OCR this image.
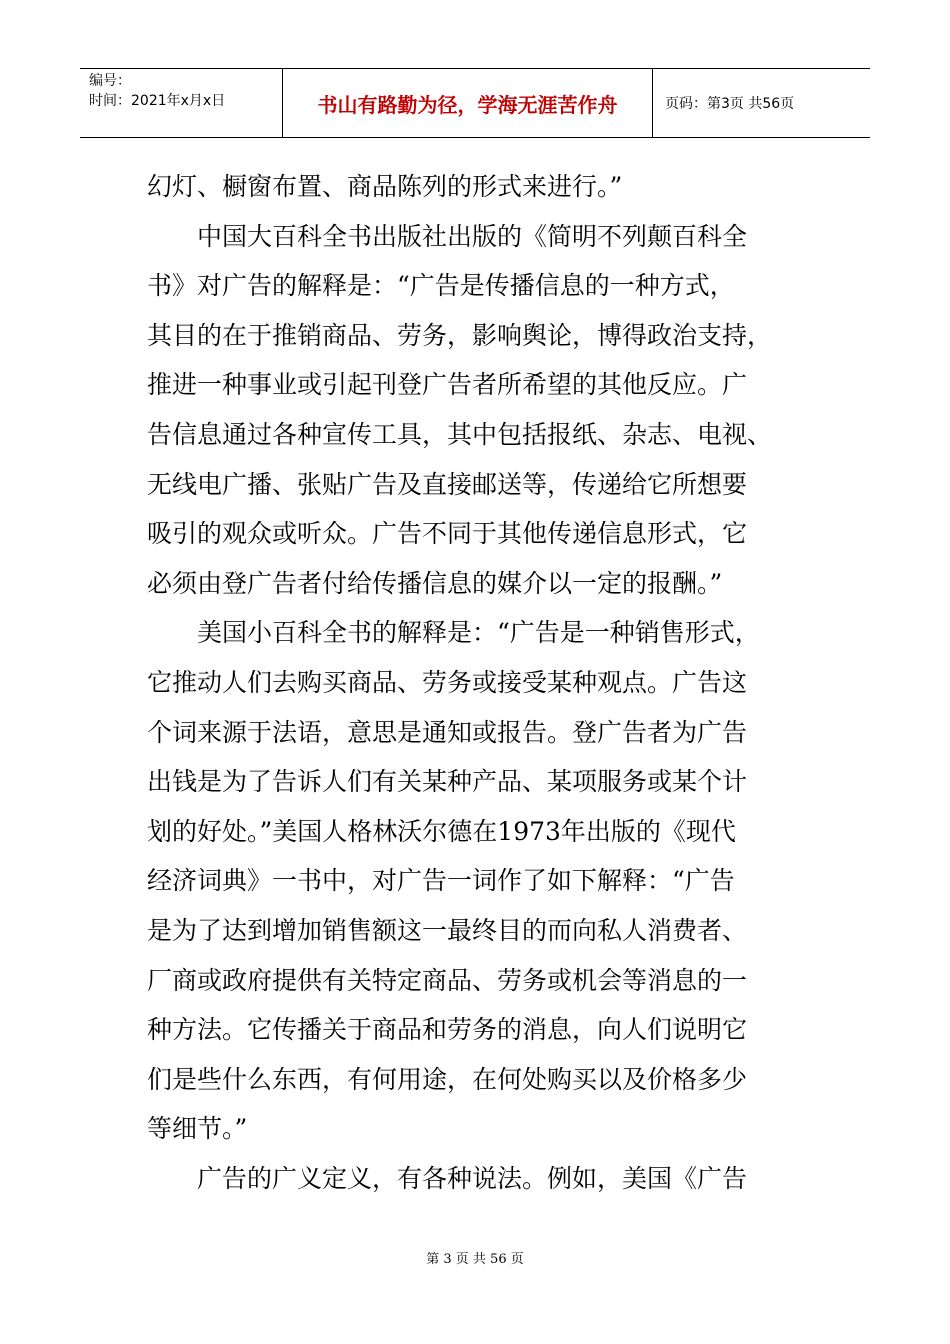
编号：
时间：2021年x月x日	书山有路勤为径，学海无涯苦作舟	页码：第3页 共56页
幻灯、橱窗布置、商品陈列的形式来进行。”
　　中国大百科全书出版社出版的《简明不列颠百科全
书》对广告的解释是：“广告是传播信息的一种方式，
其目的在于推销商品、劳务，影响舆论，博得政治支持，
推进一种事业或引起刊登广告者所希望的其他反应。广
告信息通过各种宣传工具，其中包括报纸、杂志、电视、
无线电广播、张贴广告及直接邮送等，传递给它所想要
吸引的观众或听众。广告不同于其他传递信息形式，它
必须由登广告者付给传播信息的媒介以一定的报酬。”
　　美国小百科全书的解释是：“广告是一种销售形式，
它推动人们去购买商品、劳务或接受某种观点。广告这
个词来源于法语，意思是通知或报告。登广告者为广告
出钱是为了告诉人们有关某种产品、某项服务或某个计
划的好处。”美国人格林沃尔德在1973年出版的《现代
经济词典》一书中，对广告一词作了如下解释：“广告
是为了达到增加销售额这一最终目的而向私人消费者、
厂商或政府提供有关特定商品、劳务或机会等消息的一
种方法。它传播关于商品和劳务的消息，向人们说明它
们是些什么东西，有何用途，在何处购买以及价格多少
等细节。”
　　广告的广义定义，有各种说法。例如，美国《广告
第 3 页 共 56 页
